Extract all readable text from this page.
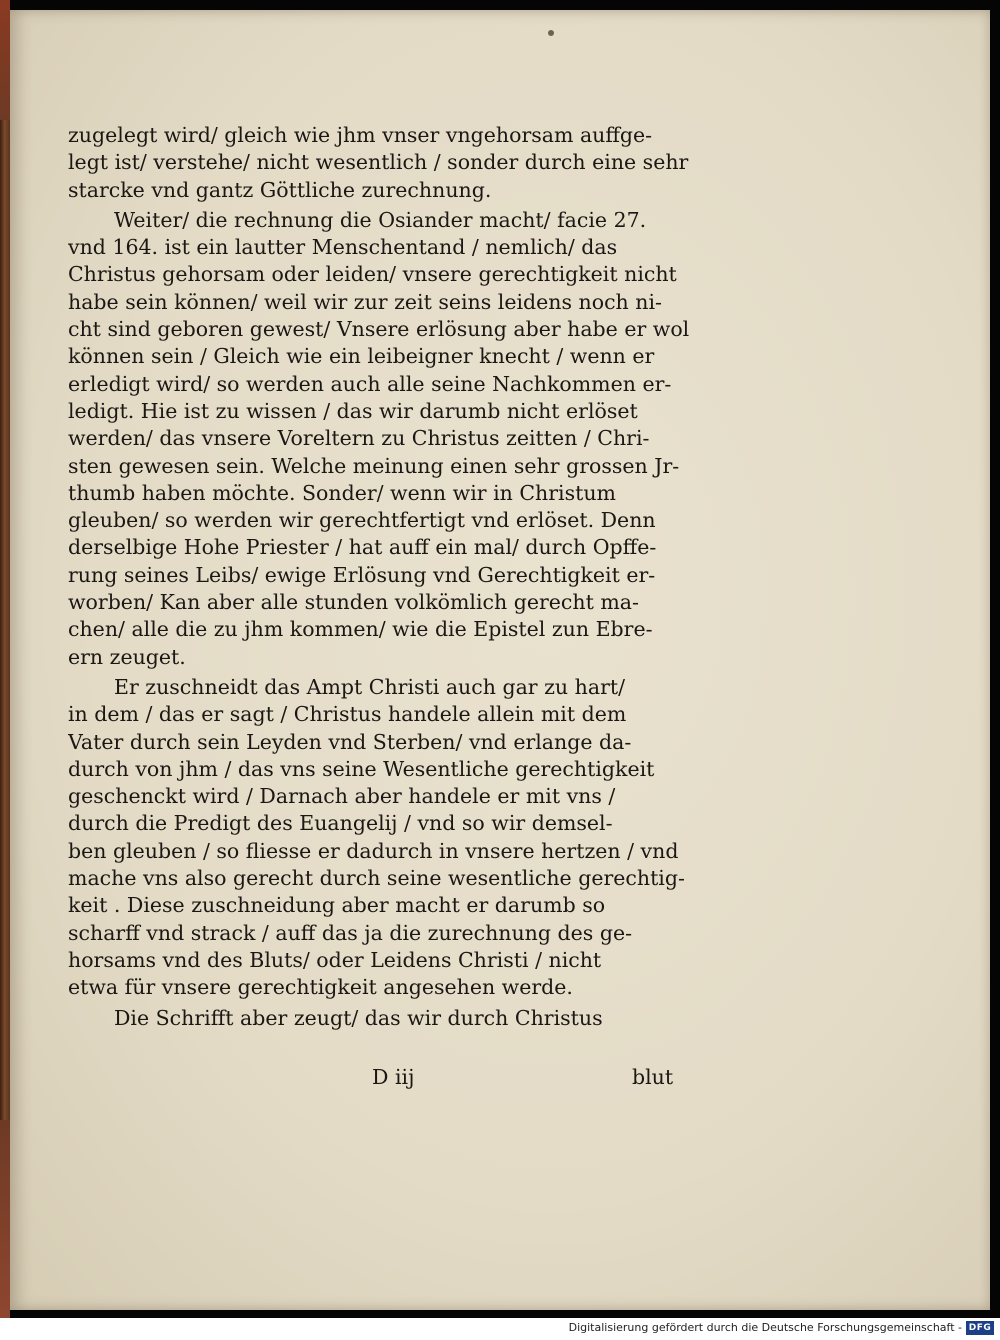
zugelegt wird/ gleich wie jhm vnser vngehorsam auffge-
legt ist/ verstehe/ nicht wesentlich / sonder durch eine sehr
starcke vnd gantz Göttliche zurechnung.
Weiter/ die rechnung die Osiander macht/ facie 27.
vnd 164. ist ein lautter Menschentand / nemlich/ das
Christus gehorsam oder leiden/ vnsere gerechtigkeit nicht
habe sein können/ weil wir zur zeit seins leidens noch ni-
cht sind geboren gewest/ Vnsere erlösung aber habe er wol
können sein / Gleich wie ein leibeigner knecht / wenn er
erledigt wird/ so werden auch alle seine Nachkommen er-
ledigt. Hie ist zu wissen / das wir darumb nicht erlöset
werden/ das vnsere Voreltern zu Christus zeitten / Chri-
sten gewesen sein. Welche meinung einen sehr grossen Jr-
thumb haben möchte. Sonder/ wenn wir in Christum
gleuben/ so werden wir gerechtfertigt vnd erlöset. Denn
derselbige Hohe Priester / hat auff ein mal/ durch Opffe-
rung seines Leibs/ ewige Erlösung vnd Gerechtigkeit er-
worben/ Kan aber alle stunden volkömlich gerecht ma-
chen/ alle die zu jhm kommen/ wie die Epistel zun Ebre-
ern zeuget.
Er zuschneidt das Ampt Christi auch gar zu hart/
in dem / das er sagt / Christus handele allein mit dem
Vater durch sein Leyden vnd Sterben/ vnd erlange da-
durch von jhm / das vns seine Wesentliche gerechtigkeit
geschenckt wird / Darnach aber handele er mit vns /
durch die Predigt des Euangelij / vnd so wir demsel-
ben gleuben / so fliesse er dadurch in vnsere hertzen / vnd
mache vns also gerecht durch seine wesentliche gerechtig-
keit . Diese zuschneidung aber macht er darumb so
scharff vnd strack / auff das ja die zurechnung des ge-
horsams vnd des Bluts/ oder Leidens Christi / nicht
etwa für vnsere gerechtigkeit angesehen werde.
Die Schrifft aber zeugt/ das wir durch Christus
D iij	blut
Digitalisierung gefördert durch die Deutsche Forschungsgemeinschaft - DFG
